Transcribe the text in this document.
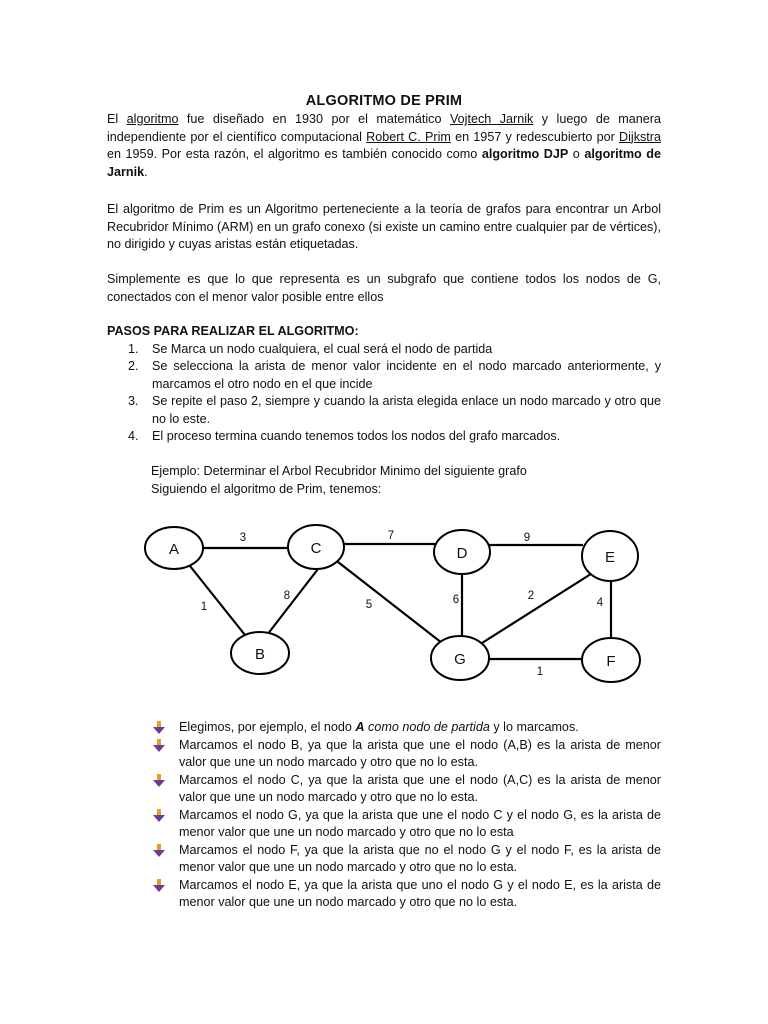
ALGORITMO DE PRIM

El algoritmo fue diseñado en 1930 por el matemático Vojtech Jarnik y luego de manera independiente por el científico computacional Robert C. Prim en 1957 y redescubierto por Dijkstra en 1959. Por esta razón, el algoritmo es también conocido como algoritmo DJP o algoritmo de Jarnik.

El algoritmo de Prim es un Algoritmo perteneciente a la teoría de grafos para encontrar un Arbol Recubridor Mínimo (ARM) en un grafo conexo (si existe un camino entre cualquier par de vértices), no dirigido y cuyas aristas están etiquetadas.

Simplemente es que lo que representa es un subgrafo que contiene todos los nodos de G, conectados con el menor valor posible entre ellos

PASOS PARA REALIZAR EL ALGORITMO:
1. Se Marca un nodo cualquiera, el cual será el nodo de partida
2. Se selecciona la arista de menor valor incidente en el nodo marcado anteriormente, y marcamos el otro nodo en el que incide
3. Se repite el paso 2, siempre y cuando la arista elegida enlace un nodo marcado y otro que no lo este.
4. El proceso termina cuando tenemos todos los nodos del grafo marcados.
Ejemplo: Determinar el Arbol Recubridor Minimo del siguiente grafo
Siguiendo el algoritmo de Prim, tenemos:
A
B
C	D	E
F
G
3
1
8
7
5
9
6	2
4
1
Elegimos, por ejemplo, el nodo A como nodo de partida y lo marcamos.
Marcamos el nodo B, ya que la arista que une el nodo (A,B) es la arista de menor valor que une un nodo marcado y otro que no lo esta.
Marcamos el nodo C, ya que la arista que une el nodo (A,C) es la arista de menor valor que une un nodo marcado y otro que no lo esta.
Marcamos el nodo G, ya que la arista que une el nodo C y el nodo G, es la arista de menor valor que une un nodo marcado y otro que no lo esta
Marcamos el nodo F, ya que la arista que no el nodo G y el nodo F, es la arista de menor valor que une un nodo marcado y otro que no lo esta.
Marcamos el nodo E, ya que la arista que uno el nodo G y el nodo E, es la arista de menor valor que une un nodo marcado y otro que no lo esta.
